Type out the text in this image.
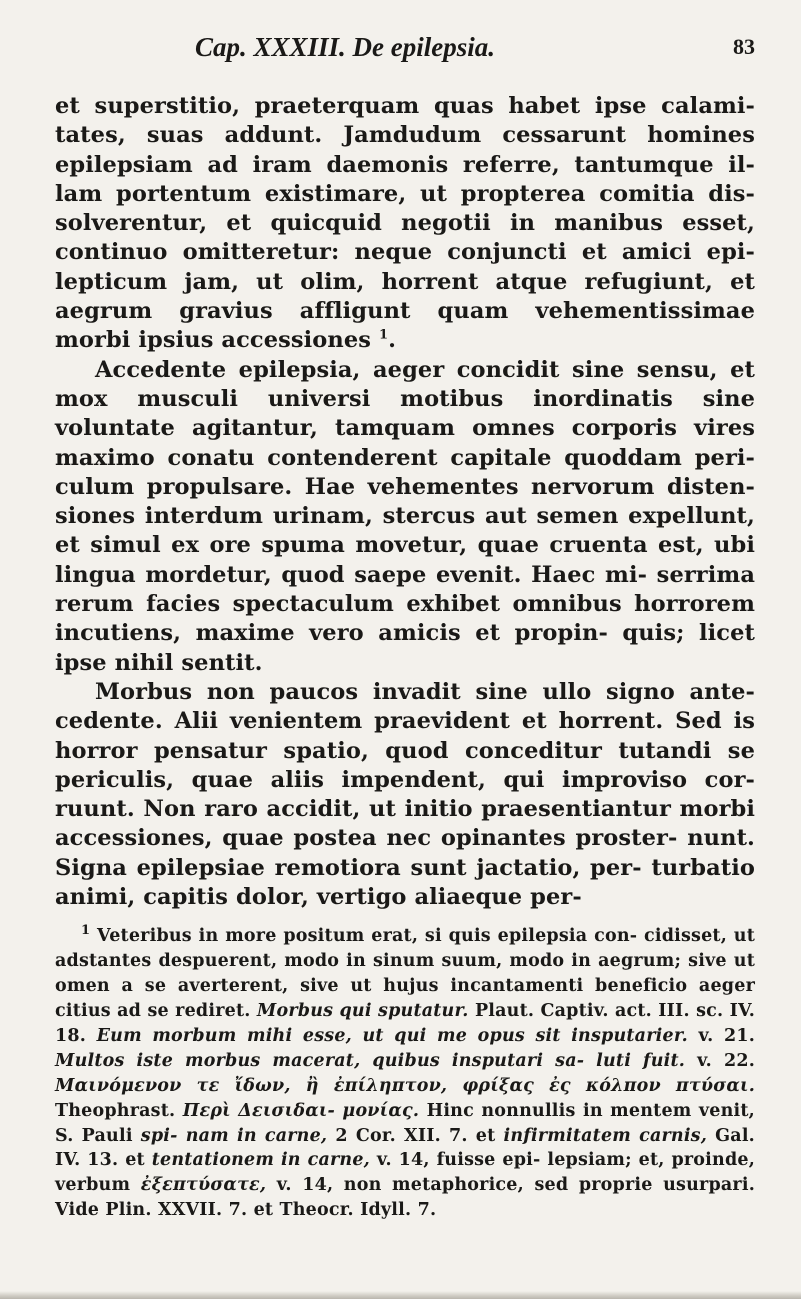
Cap. XXXIII. De epilepsia.	83

et superstitio, praeterquam quas habet ipse calami- tates, suas addunt. Jamdudum cessarunt homines epilepsiam ad iram daemonis referre, tantumque il- lam portentum existimare, ut propterea comitia dis- solverentur, et quicquid negotii in manibus esset, continuo omitteretur: neque conjuncti et amici epi- lepticum jam, ut olim, horrent atque refugiunt, et aegrum gravius affligunt quam vehementissimae morbi ipsius accessiones $^1$.

Accedente epilepsia, aeger concidit sine sensu, et mox musculi universi motibus inordinatis sine voluntate agitantur, tamquam omnes corporis vires maximo conatu contenderent capitale quoddam peri- culum propulsare. Hae vehementes nervorum disten- siones interdum urinam, stercus aut semen expellunt, et simul ex ore spuma movetur, quae cruenta est, ubi lingua mordetur, quod saepe evenit. Haec mi- serrima rerum facies spectaculum exhibet omnibus horrorem incutiens, maxime vero amicis et propin- quis; licet ipse nihil sentit.

Morbus non paucos invadit sine ullo signo ante- cedente. Alii venientem praevident et horrent. Sed is horror pensatur spatio, quod conceditur tutandi se periculis, quae aliis impendent, qui improviso cor- ruunt. Non raro accidit, ut initio praesentiantur morbi accessiones, quae postea nec opinantes proster- nunt. Signa epilepsiae remotiora sunt jactatio, per- turbatio animi, capitis dolor, vertigo aliaeque per-

$^1$ Veteribus in more positum erat, si quis epilepsia con- cidisset, ut adstantes despuerent, modo in sinum suum, modo in aegrum; sive ut omen a se averterent, sive ut hujus incantamenti beneficio aeger citius ad se rediret. Morbus qui sputatur. Plaut. Captiv. act. III. sc. IV. 18. Eum morbum mihi esse, ut qui me opus sit insputarier. v. 21. Multos iste morbus macerat, quibus insputari sa- luti fuit. v. 22. Μαινόμενον τε ἴδων, ἢ ἐπίληπτον, φρίξας ἐς κόλπον πτύσαι. Theophrast. Περὶ Δεισιδαι- μονίας. Hinc nonnullis in mentem venit, S. Pauli spi- nam in carne, 2 Cor. XII. 7. et infirmitatem carnis, Gal. IV. 13. et tentationem in carne, v. 14, fuisse epi- lepsiam; et, proinde, verbum ἐξεπτύσατε, v. 14, non metaphorice, sed proprie usurpari. Vide Plin. XXVII. 7. et Theocr. Idyll. 7.
